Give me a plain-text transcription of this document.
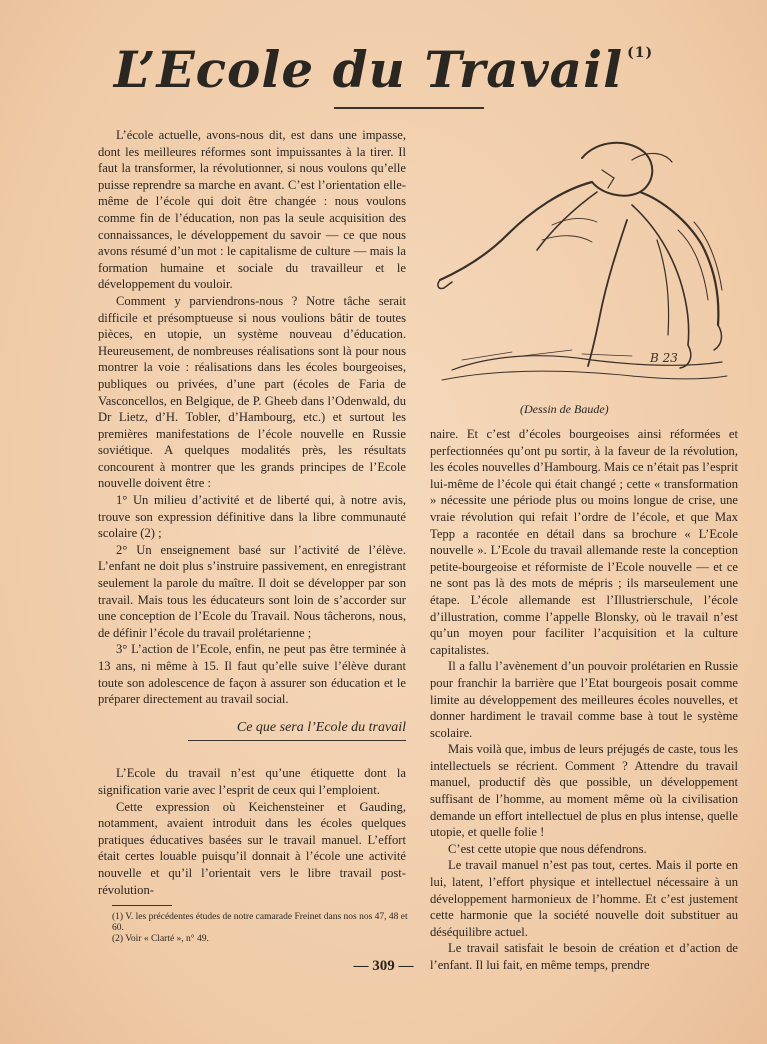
L’Ecole du Travail $^{(1)}$

L’école actuelle, avons-nous dit, est dans une impasse, dont les meilleures réformes sont impuissantes à la tirer. Il faut la transformer, la révolutionner, si nous voulons qu’elle puisse reprendre sa marche en avant. C’est l’orientation elle-même de l’école qui doit être changée : nous voulons comme fin de l’éducation, non pas la seule acquisition des connaissances, le développement du savoir — ce que nous avons résumé d’un mot : le capitalisme de culture — mais la formation humaine et sociale du travailleur et le développement du vouloir.

Comment y parviendrons-nous ? Notre tâche serait difficile et présomptueuse si nous voulions bâtir de toutes pièces, en utopie, un système nouveau d’éducation. Heureusement, de nombreuses réalisations sont là pour nous montrer la voie : réalisations dans les écoles bourgeoises, publiques ou privées, d’une part (écoles de Faria de Vasconcellos, en Belgique, de P. Gheeb dans l’Odenwald, du Dr Lietz, d’H. Tobler, d’Hambourg, etc.) et surtout les premières manifestations de l’école nouvelle en Russie soviétique. A quelques modalités près, les résultats concourent à montrer que les grands principes de l’Ecole nouvelle doivent être :

1° Un milieu d’activité et de liberté qui, à notre avis, trouve son expression définitive dans la libre communauté scolaire (2) ;

2° Un enseignement basé sur l’activité de l’élève. L’enfant ne doit plus s’instruire passivement, en enregistrant seulement la parole du maître. Il doit se développer par son travail. Mais tous les éducateurs sont loin de s’accorder sur une conception de l’Ecole du Travail. Nous tâcherons, nous, de définir l’école du travail prolétarienne ;

3° L’action de l’Ecole, enfin, ne peut pas être terminée à 13 ans, ni même à 15. Il faut qu’elle suive l’élève durant toute son adolescence de façon à assurer son éducation et le préparer directement au travail social.

Ce que sera l’Ecole du travail

L’Ecole du travail n’est qu’une étiquette dont la signification varie avec l’esprit de ceux qui l’emploient.

Cette expression où Keichensteiner et Gauding, notamment, avaient introduit dans les écoles quelques pratiques éducatives basées sur le travail manuel. L’effort était certes louable puisqu’il donnait à l’école une activité nouvelle et qu’il l’orientait vers le libre travail post-révolution-

B 23
(Dessin de Baude)

naire. Et c’est d’écoles bourgeoises ainsi réformées et perfectionnées qu’ont pu sortir, à la faveur de la révolution, les écoles nouvelles d’Hambourg. Mais ce n’était pas l’esprit lui-même de l’école qui était changé ; cette « transformation » nécessite une période plus ou moins longue de crise, une vraie révolution qui refait l’ordre de l’école, et que Max Tepp a racontée en détail dans sa brochure « L’Ecole nouvelle ». L’Ecole du travail allemande reste la conception petite-bourgeoise et réformiste de l’Ecole nouvelle — et ce ne sont pas là des mots de mépris ; ils marseulement une étape. L’école allemande est l’Illustrierschule, l’école d’illustration, comme l’appelle Blonsky, où le travail n’est qu’un moyen pour faciliter l’acquisition et la culture capitalistes.

Il a fallu l’avènement d’un pouvoir prolétarien en Russie pour franchir la barrière que l’Etat bourgeois posait comme limite au développement des meilleures écoles nouvelles, et donner hardiment le travail comme base à tout le système scolaire.

Mais voilà que, imbus de leurs préjugés de caste, tous les intellectuels se récrient. Comment ? Attendre du travail manuel, productif dès que possible, un développement suffisant de l’homme, au moment même où la civilisation demande un effort intellectuel de plus en plus intense, quelle utopie, et quelle folie !

C’est cette utopie que nous défendrons.

Le travail manuel n’est pas tout, certes. Mais il porte en lui, latent, l’effort physique et intellectuel nécessaire à un développement harmonieux de l’homme. Et c’est justement cette harmonie que la société nouvelle doit substituer au déséquilibre actuel.

Le travail satisfait le besoin de création et d’action de l’enfant. Il lui fait, en même temps, prendre

(1) V. les précédentes études de notre camarade Freinet dans nos nos 47, 48 et 60.
(2) Voir « Clarté », n° 49.
— 309 —
